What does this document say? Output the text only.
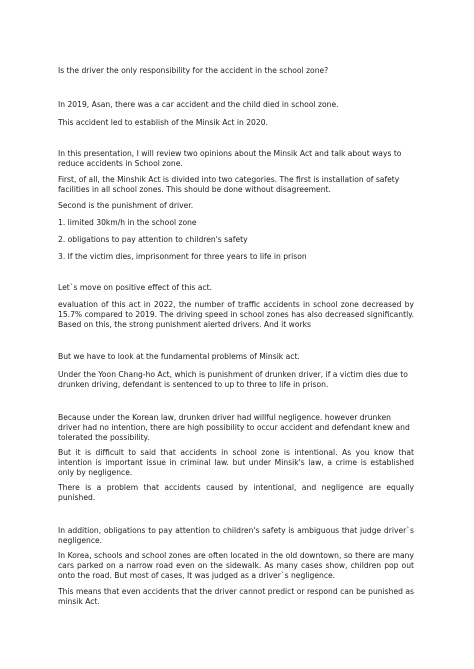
Is the driver the only responsibility for the accident in the school zone?

In 2019, Asan, there was a car accident and the child died in school zone.

This accident led to establish of the Minsik Act in 2020.

In this presentation, I will review two opinions about the Minsik Act and talk about ways to reduce accidents in School zone.

First, of all, the Minshik Act is divided into two categories. The first is installation of safety facilities in all school zones. This should be done without disagreement.

Second is the punishment of driver.

1. limited 30km/h in the school zone

2. obligations to pay attention to children's safety

3. If the victim dies, imprisonment for three years to life in prison

Let`s move on positive effect of this act.

evaluation of this act in 2022, the number of traffic accidents in school zone decreased by 15.7% compared to 2019. The driving speed in school zones has also decreased significantly. Based on this, the strong punishment alerted drivers. And it works

But we have to look at the fundamental problems of Minsik act.

Under the Yoon Chang-ho Act, which is punishment of drunken driver, if a victim dies due to drunken driving, defendant is sentenced to up to three to life in prison.

Because under the Korean law, drunken driver had willful negligence. however drunken driver had no intention, there are high possibility to occur accident and defendant knew and tolerated the possibility.

But it is difficult to said that accidents in school zone is intentional. As you know that intention is important issue in criminal law. but under Minsik's law, a crime is established only by negligence.

There is a problem that accidents caused by intentional, and negligence are equally punished.

In addition, obligations to pay attention to children's safety is ambiguous that judge driver`s negligence.

In Korea, schools and school zones are often located in the old downtown, so there are many cars parked on a narrow road even on the sidewalk. As many cases show, children pop out onto the road. But most of cases, It was judged as a driver`s negligence.

This means that even accidents that the driver cannot predict or respond can be punished as minsik Act.
